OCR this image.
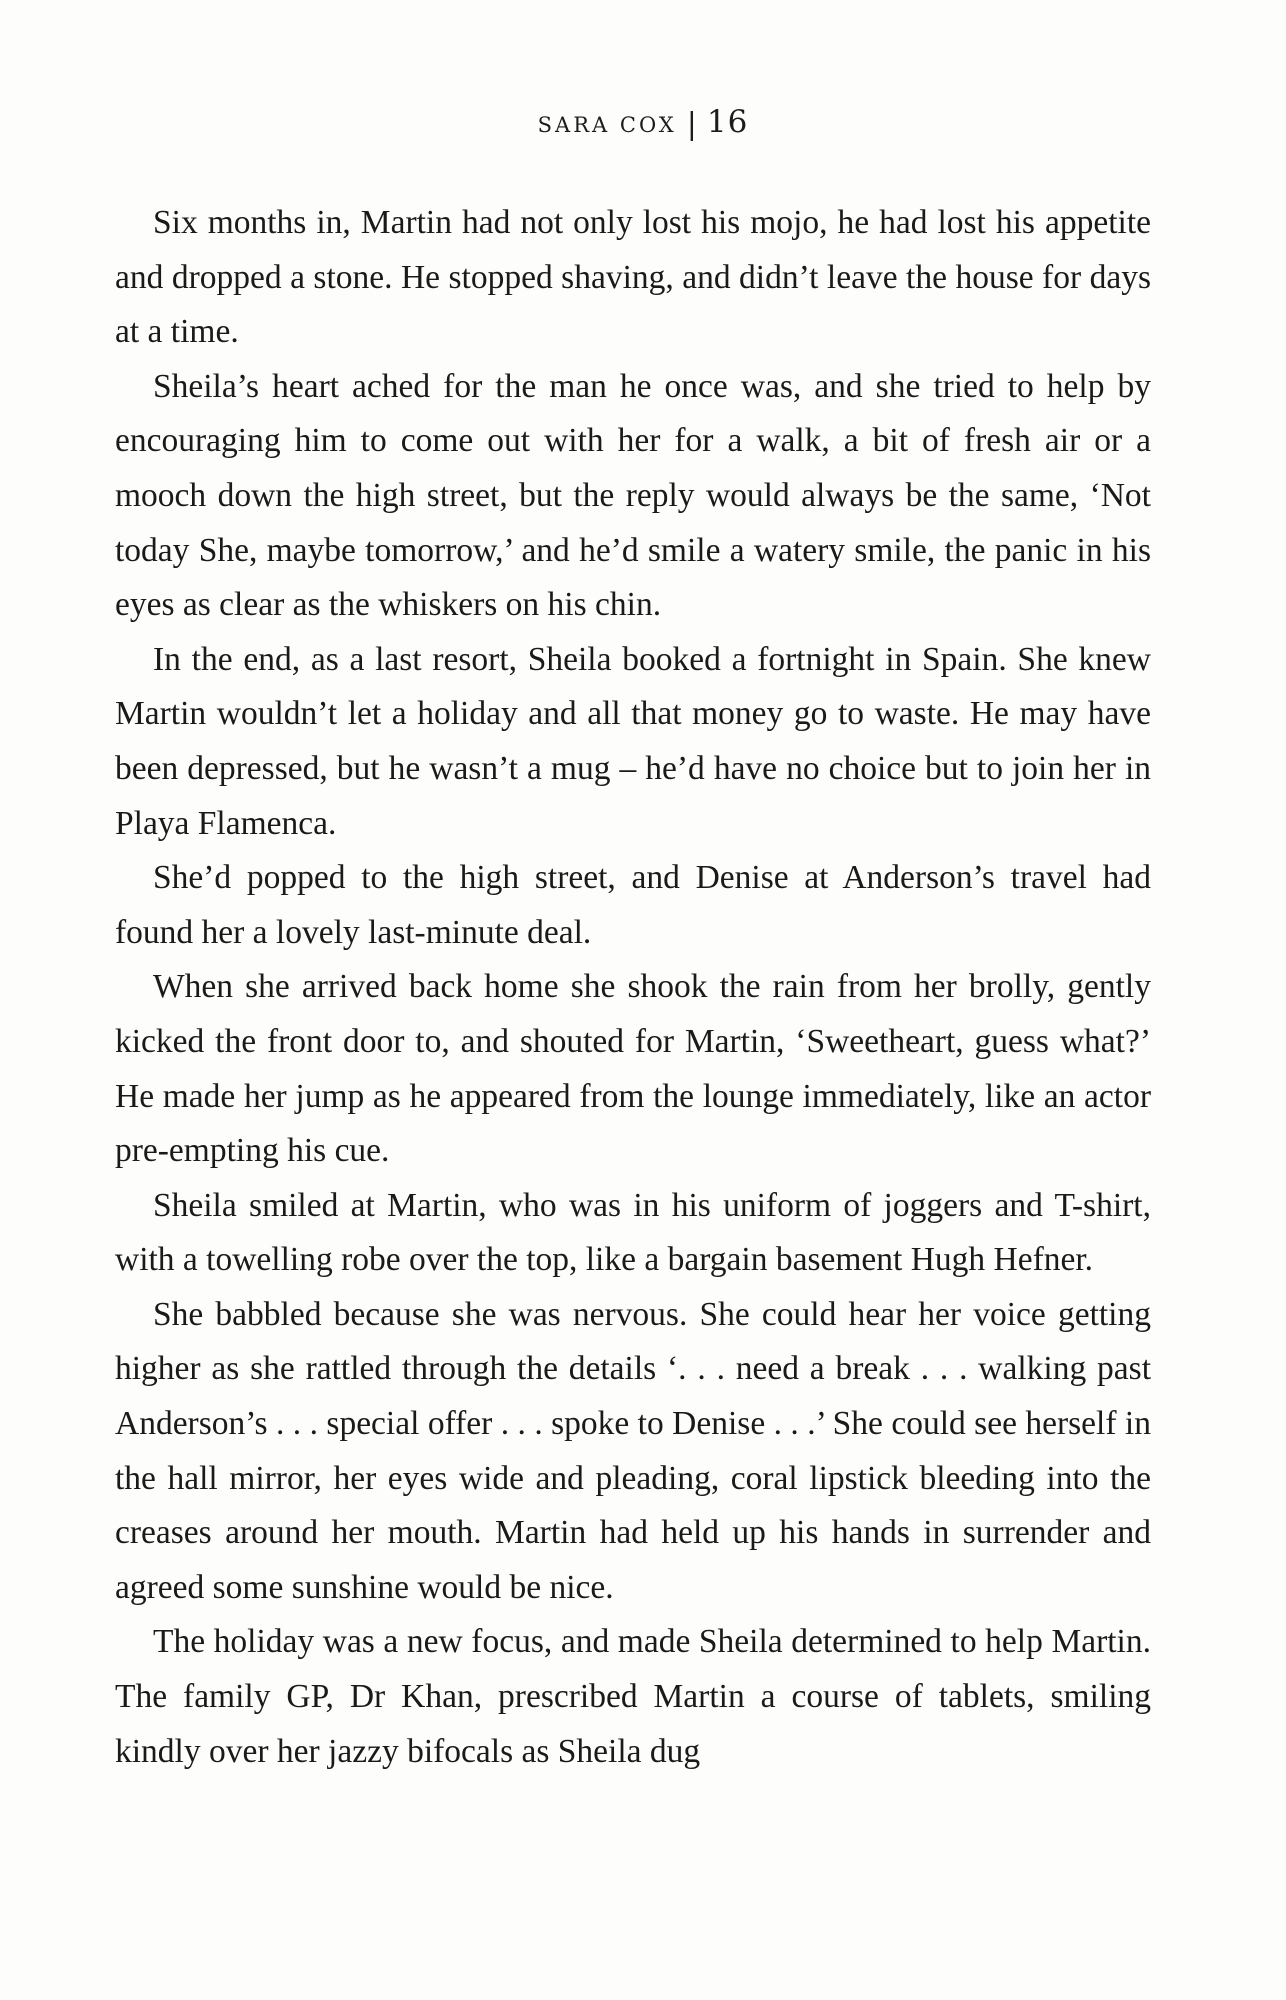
SARA COX | 16

Six months in, Martin had not only lost his mojo, he had lost his appetite and dropped a stone. He stopped shaving, and didn’t leave the house for days at a time.

Sheila’s heart ached for the man he once was, and she tried to help by encouraging him to come out with her for a walk, a bit of fresh air or a mooch down the high street, but the reply would always be the same, ‘Not today She, maybe tomorrow,’ and he’d smile a watery smile, the panic in his eyes as clear as the whiskers on his chin.

In the end, as a last resort, Sheila booked a fortnight in Spain. She knew Martin wouldn’t let a holiday and all that money go to waste. He may have been depressed, but he wasn’t a mug – he’d have no choice but to join her in Playa Flamenca.

She’d popped to the high street, and Denise at Anderson’s travel had found her a lovely last-minute deal.

When she arrived back home she shook the rain from her brolly, gently kicked the front door to, and shouted for Martin, ‘Sweetheart, guess what?’ He made her jump as he appeared from the lounge immediately, like an actor pre-empting his cue.

Sheila smiled at Martin, who was in his uniform of joggers and T-shirt, with a towelling robe over the top, like a bargain basement Hugh Hefner.

She babbled because she was nervous. She could hear her voice getting higher as she rattled through the details ‘. . . need a break . . . walking past Anderson’s . . . special offer . . . spoke to Denise . . .’ She could see herself in the hall mirror, her eyes wide and pleading, coral lipstick bleeding into the creases around her mouth. Martin had held up his hands in surrender and agreed some sunshine would be nice.

The holiday was a new focus, and made Sheila determined to help Martin. The family GP, Dr Khan, prescribed Martin a course of tablets, smiling kindly over her jazzy bifocals as Sheila dug
